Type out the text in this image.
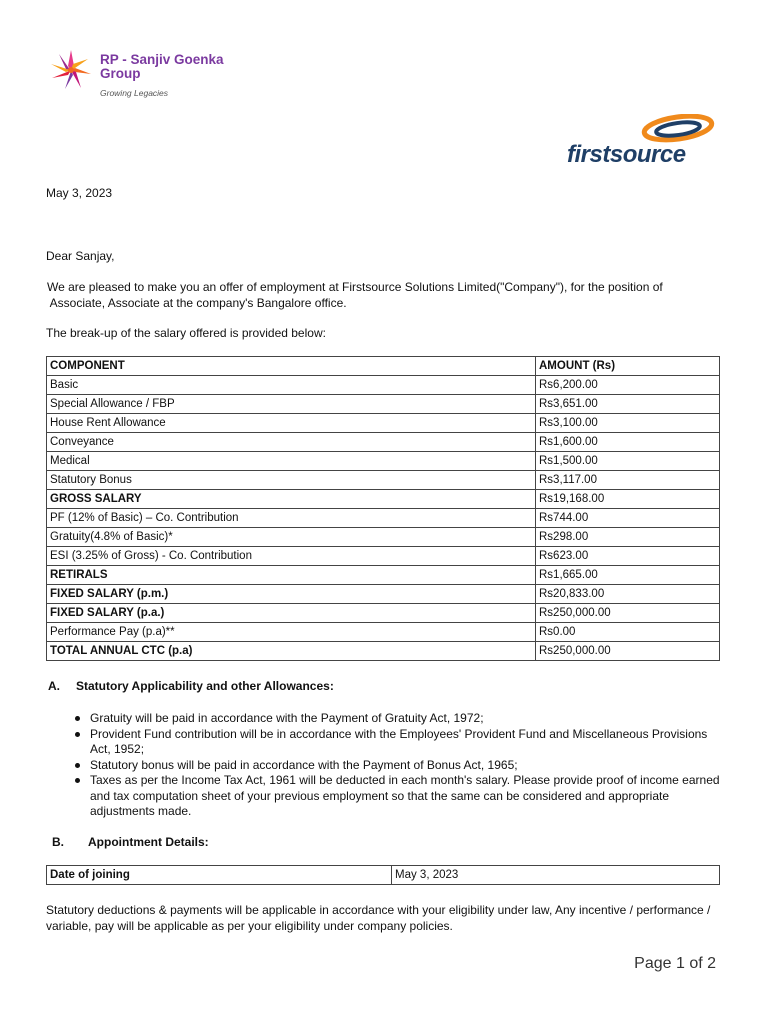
RP - Sanjiv Goenka
Group
Growing Legacies
firstsource
May 3, 2023
Dear Sanjay,
We are pleased to make you an offer of employment at Firstsource Solutions Limited("Company"), for the position of
Associate, Associate at the company's Bangalore office.
The break-up of the salary offered is provided below:
COMPONENT	AMOUNT (Rs)
Basic	Rs6,200.00
Special Allowance / FBP	Rs3,651.00
House Rent Allowance	Rs3,100.00
Conveyance	Rs1,600.00
Medical	Rs1,500.00
Statutory Bonus	Rs3,117.00
GROSS SALARY	Rs19,168.00
PF (12% of Basic) – Co. Contribution	Rs744.00
Gratuity(4.8% of Basic)*	Rs298.00
ESI (3.25% of Gross) - Co. Contribution	Rs623.00
RETIRALS	Rs1,665.00
FIXED SALARY (p.m.)	Rs20,833.00
FIXED SALARY (p.a.)	Rs250,000.00
Performance Pay (p.a)**	Rs0.00
TOTAL ANNUAL CTC (p.a)	Rs250,000.00
A. Statutory Applicability and other Allowances:
Gratuity will be paid in accordance with the Payment of Gratuity Act, 1972;
Provident Fund contribution will be in accordance with the Employees' Provident Fund and Miscellaneous Provisions Act, 1952;
Statutory bonus will be paid in accordance with the Payment of Bonus Act, 1965;
Taxes as per the Income Tax Act, 1961 will be deducted in each month's salary. Please provide proof of income earned and tax computation sheet of your previous employment so that the same can be considered and appropriate adjustments made.
B. Appointment Details:
Date of joining	May 3, 2023
Statutory deductions & payments will be applicable in accordance with your eligibility under law, Any incentive / performance / variable, pay will be applicable as per your eligibility under company policies.
Page 1 of 2
